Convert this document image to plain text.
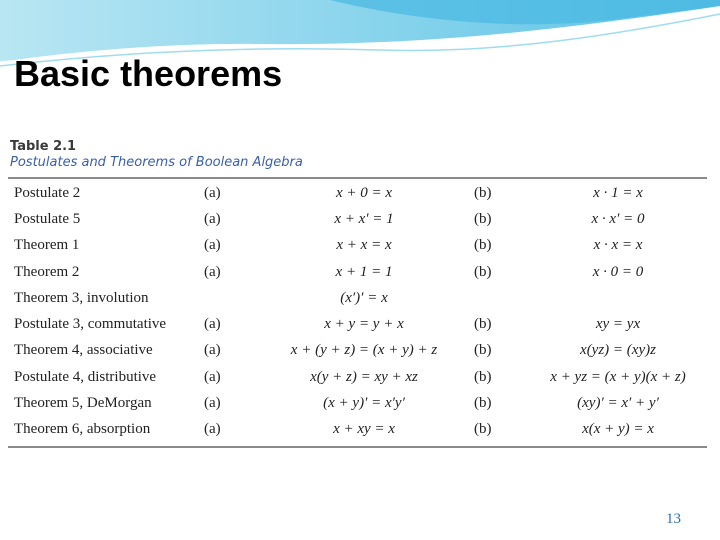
Basic theorems
Table 2.1
Postulates and Theorems of Boolean Algebra
Postulate 2	(a)	x + 0 = x	(b)	x · 1 = x
Postulate 5	(a)	x + x′ = 1	(b)	x · x′ = 0
Theorem 1	(a)	x + x = x	(b)	x · x = x
Theorem 2	(a)	x + 1 = 1	(b)	x · 0 = 0
Theorem 3, involution		(x′)′ = x		
Postulate 3, commutative	(a)	x + y = y + x	(b)	xy = yx
Theorem 4, associative	(a)	x + (y + z) = (x + y) + z	(b)	x(yz) = (xy)z
Postulate 4, distributive	(a)	x(y + z) = xy + xz	(b)	x + yz = (x + y)(x + z)
Theorem 5, DeMorgan	(a)	(x + y)′ = x′y′	(b)	(xy)′ = x′ + y′
Theorem 6, absorption	(a)	x + xy = x	(b)	x(x + y) = x
13
